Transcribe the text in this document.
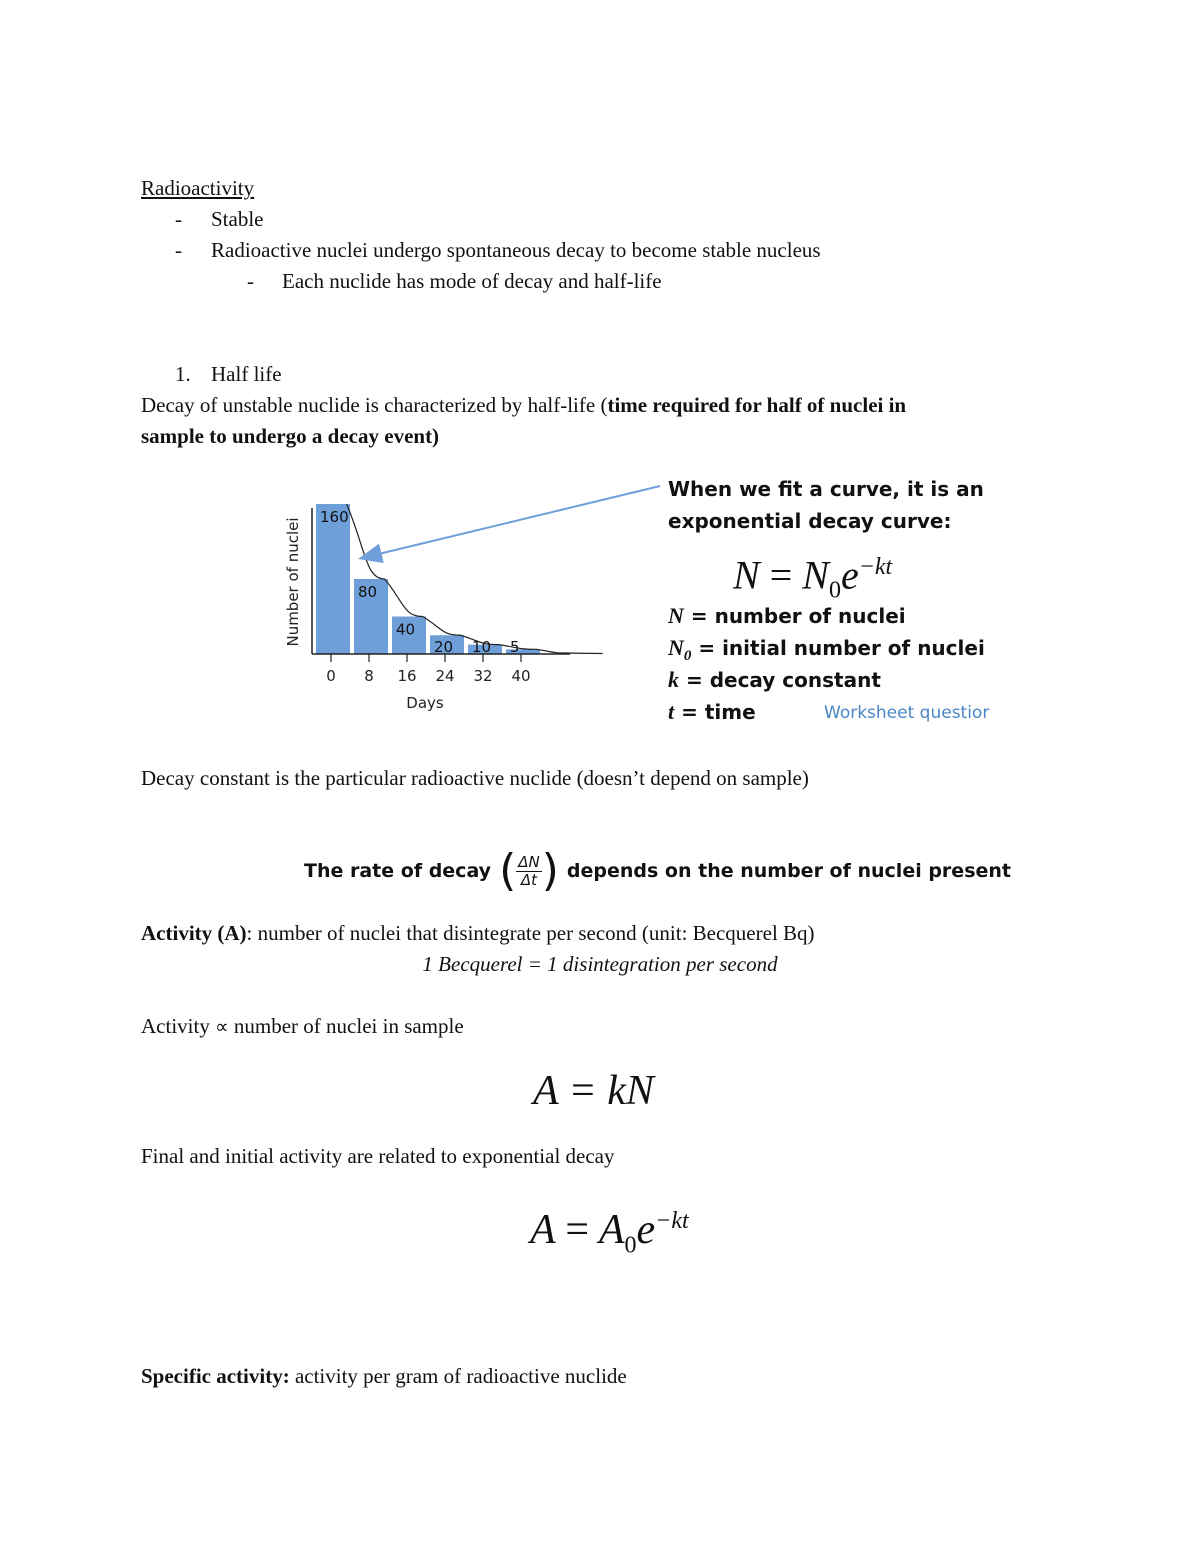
Radioactivity
- Stable
- Radioactive nuclei undergo spontaneous decay to become stable nucleus
- Each nuclide has mode of decay and half-life
1. Half life
Decay of unstable nuclide is characterized by half-life (time required for half of nuclei in
sample to undergo a decay event)
Number of nuclei
160
80
40
20 10 5
0 8 16 24 32 40
Days
When we fit a curve, it is an
exponential decay curve:
$N = N_0e^{-kt}$
N = number of nuclei
$N_0$ = initial number of nuclei
k = decay constant
t = time	Worksheet questior
Decay constant is the particular radioactive nuclide (doesn’t depend on sample)
The rate of decay ( $\frac{\Delta N}{\Delta t}$ ) depends on the number of nuclei present
Activity (A): number of nuclei that disintegrate per second (unit: Becquerel Bq)
1 Becquerel = 1 disintegration per second
Activity ∝ number of nuclei in sample
A = kN
Final and initial activity are related to exponential decay
$A = A_0e^{-kt}$
Specific activity: activity per gram of radioactive nuclide
